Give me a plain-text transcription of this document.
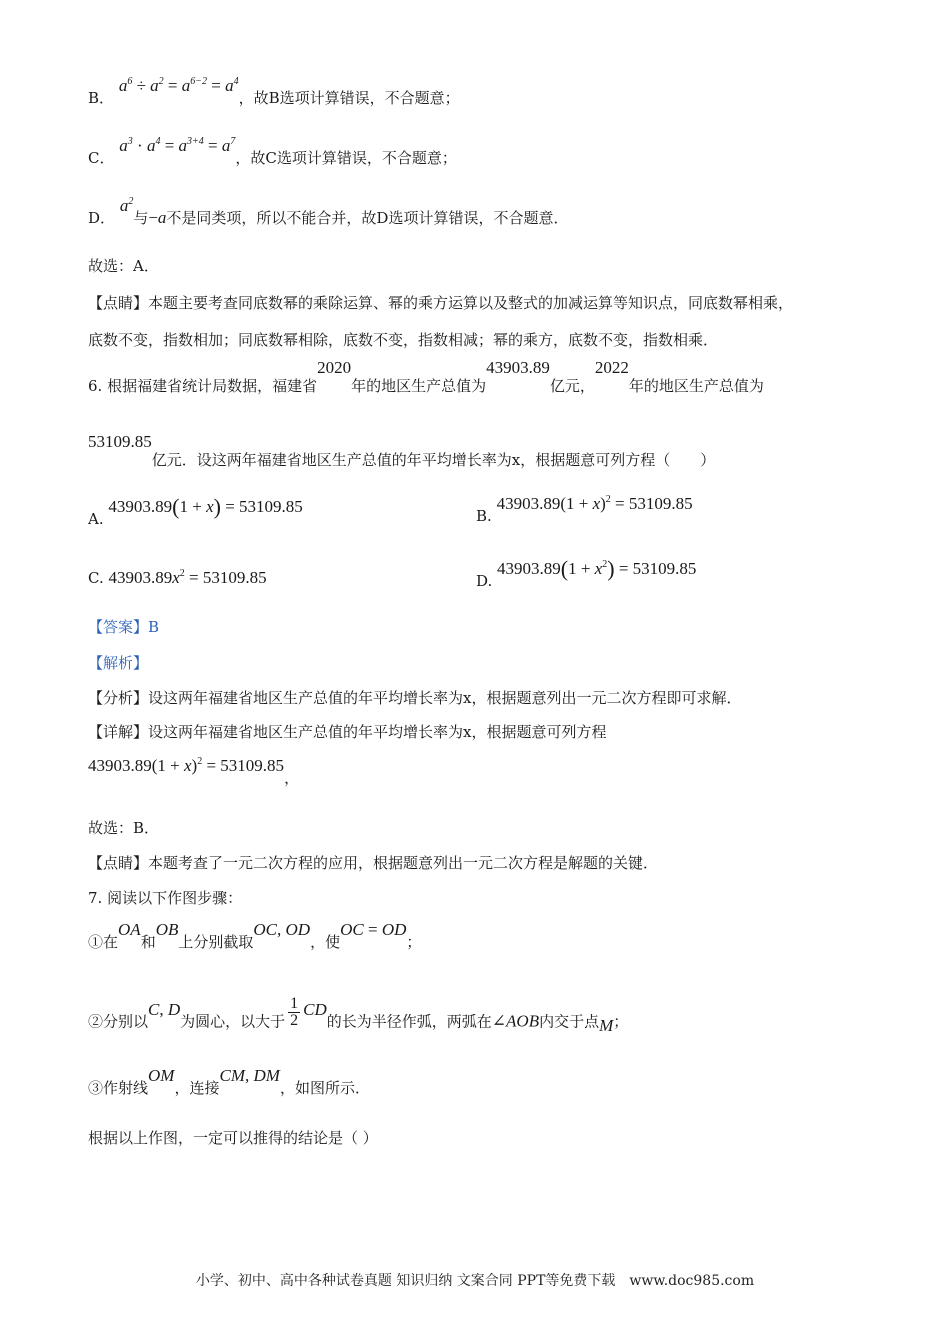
B． $a^6 \div a^2 = a^{6-2} = a^4$，故B选项计算错误，不合题意；
C． $a^3 \cdot a^4 = a^{3+4} = a^7$，故C选项计算错误，不合题意；
D． $a^2$与−a不是同类项，所以不能合并，故D选项计算错误，不合题意．
故选：A．
【点睛】本题主要考查同底数幂的乘除运算、幂的乘方运算以及整式的加减运算等知识点，同底数幂相乘，
底数不变，指数相加；同底数幂相除，底数不变，指数相减；幂的乘方，底数不变，指数相乘．
6. 根据福建省统计局数据，福建省2020年的地区生产总值为43903.89亿元，2022年的地区生产总值为
53109.85亿元．设这两年福建省地区生产总值的年平均增长率为x，根据题意可列方程（　　）
A. 43903.89(1 + x) = 53109.85	B. $43903.89(1 + x)^2 = 53109.85$
C. $43903.89x^2 = 53109.85$	D. $43903.89(1 + x^2) = 53109.85$
【答案】B
【解析】
【分析】设这两年福建省地区生产总值的年平均增长率为x，根据题意列出一元二次方程即可求解．
【详解】设这两年福建省地区生产总值的年平均增长率为x，根据题意可列方程
$43903.89(1 + x)^2 = 53109.85$，
故选：B．
【点睛】本题考查了一元二次方程的应用，根据题意列出一元二次方程是解题的关键．
7. 阅读以下作图步骤：
①在OA和OB上分别截取OC, OD，使OC = OD；
②分别以C, D为圆心，以大于 $\frac{1}{2}$ CD的长为半径作弧，两弧在∠AOB内交于点M；
③作射线OM，连接CM, DM，如图所示．
根据以上作图，一定可以推得的结论是（ ）
小学、初中、高中各种试卷真题 知识归纳 文案合同 PPT等免费下载　www.doc985.com
